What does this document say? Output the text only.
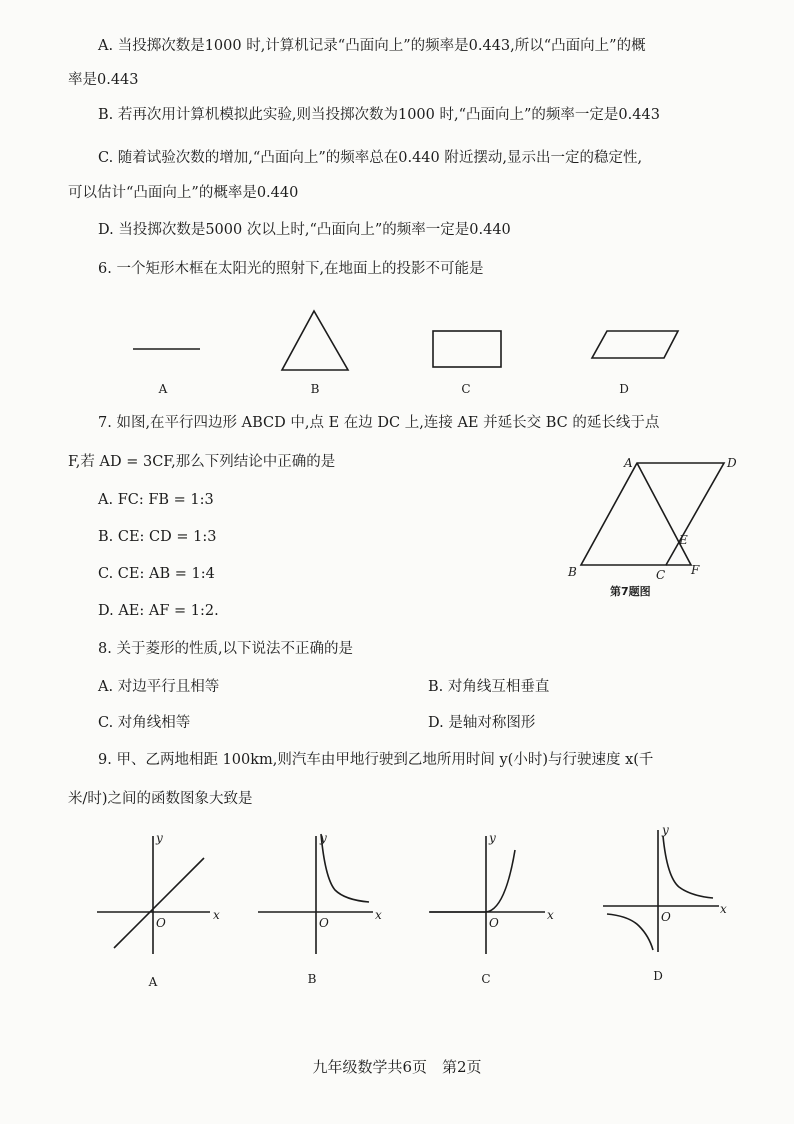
A. 当投掷次数是1000 时,计算机记录“凸面向上”的频率是0.443,所以“凸面向上”的概
率是0.443
B. 若再次用计算机模拟此实验,则当投掷次数为1000 时,“凸面向上”的频率一定是0.443
C. 随着试验次数的增加,“凸面向上”的频率总在0.440 附近摆动,显示出一定的稳定性,
可以估计“凸面向上”的概率是0.440
D. 当投掷次数是5000 次以上时,“凸面向上”的频率一定是0.440
6. 一个矩形木框在太阳光的照射下,在地面上的投影不可能是
A	B	C	D
7. 如图,在平行四边形 ABCD 中,点 E 在边 DC 上,连接 AE 并延长交 BC 的延长线于点
F,若 AD = 3CF,那么下列结论中正确的是
A. FC: FB = 1:3
B. CE: CD = 1:3
C. CE: AB = 1:4
D. AE: AF = 1:2.
A	D
B	C
E
F
第7题图
8. 关于菱形的性质,以下说法不正确的是
A. 对边平行且相等	B. 对角线互相垂直
C. 对角线相等	D. 是轴对称图形
9. 甲、乙两地相距 100km,则汽车由甲地行驶到乙地所用时间 y(小时)与行驶速度 x(千
米/时)之间的函数图象大致是
y
x
O
y
x
O
y
x
O
y
x
O
A	B	C	D
九年级数学共6页　第2页
